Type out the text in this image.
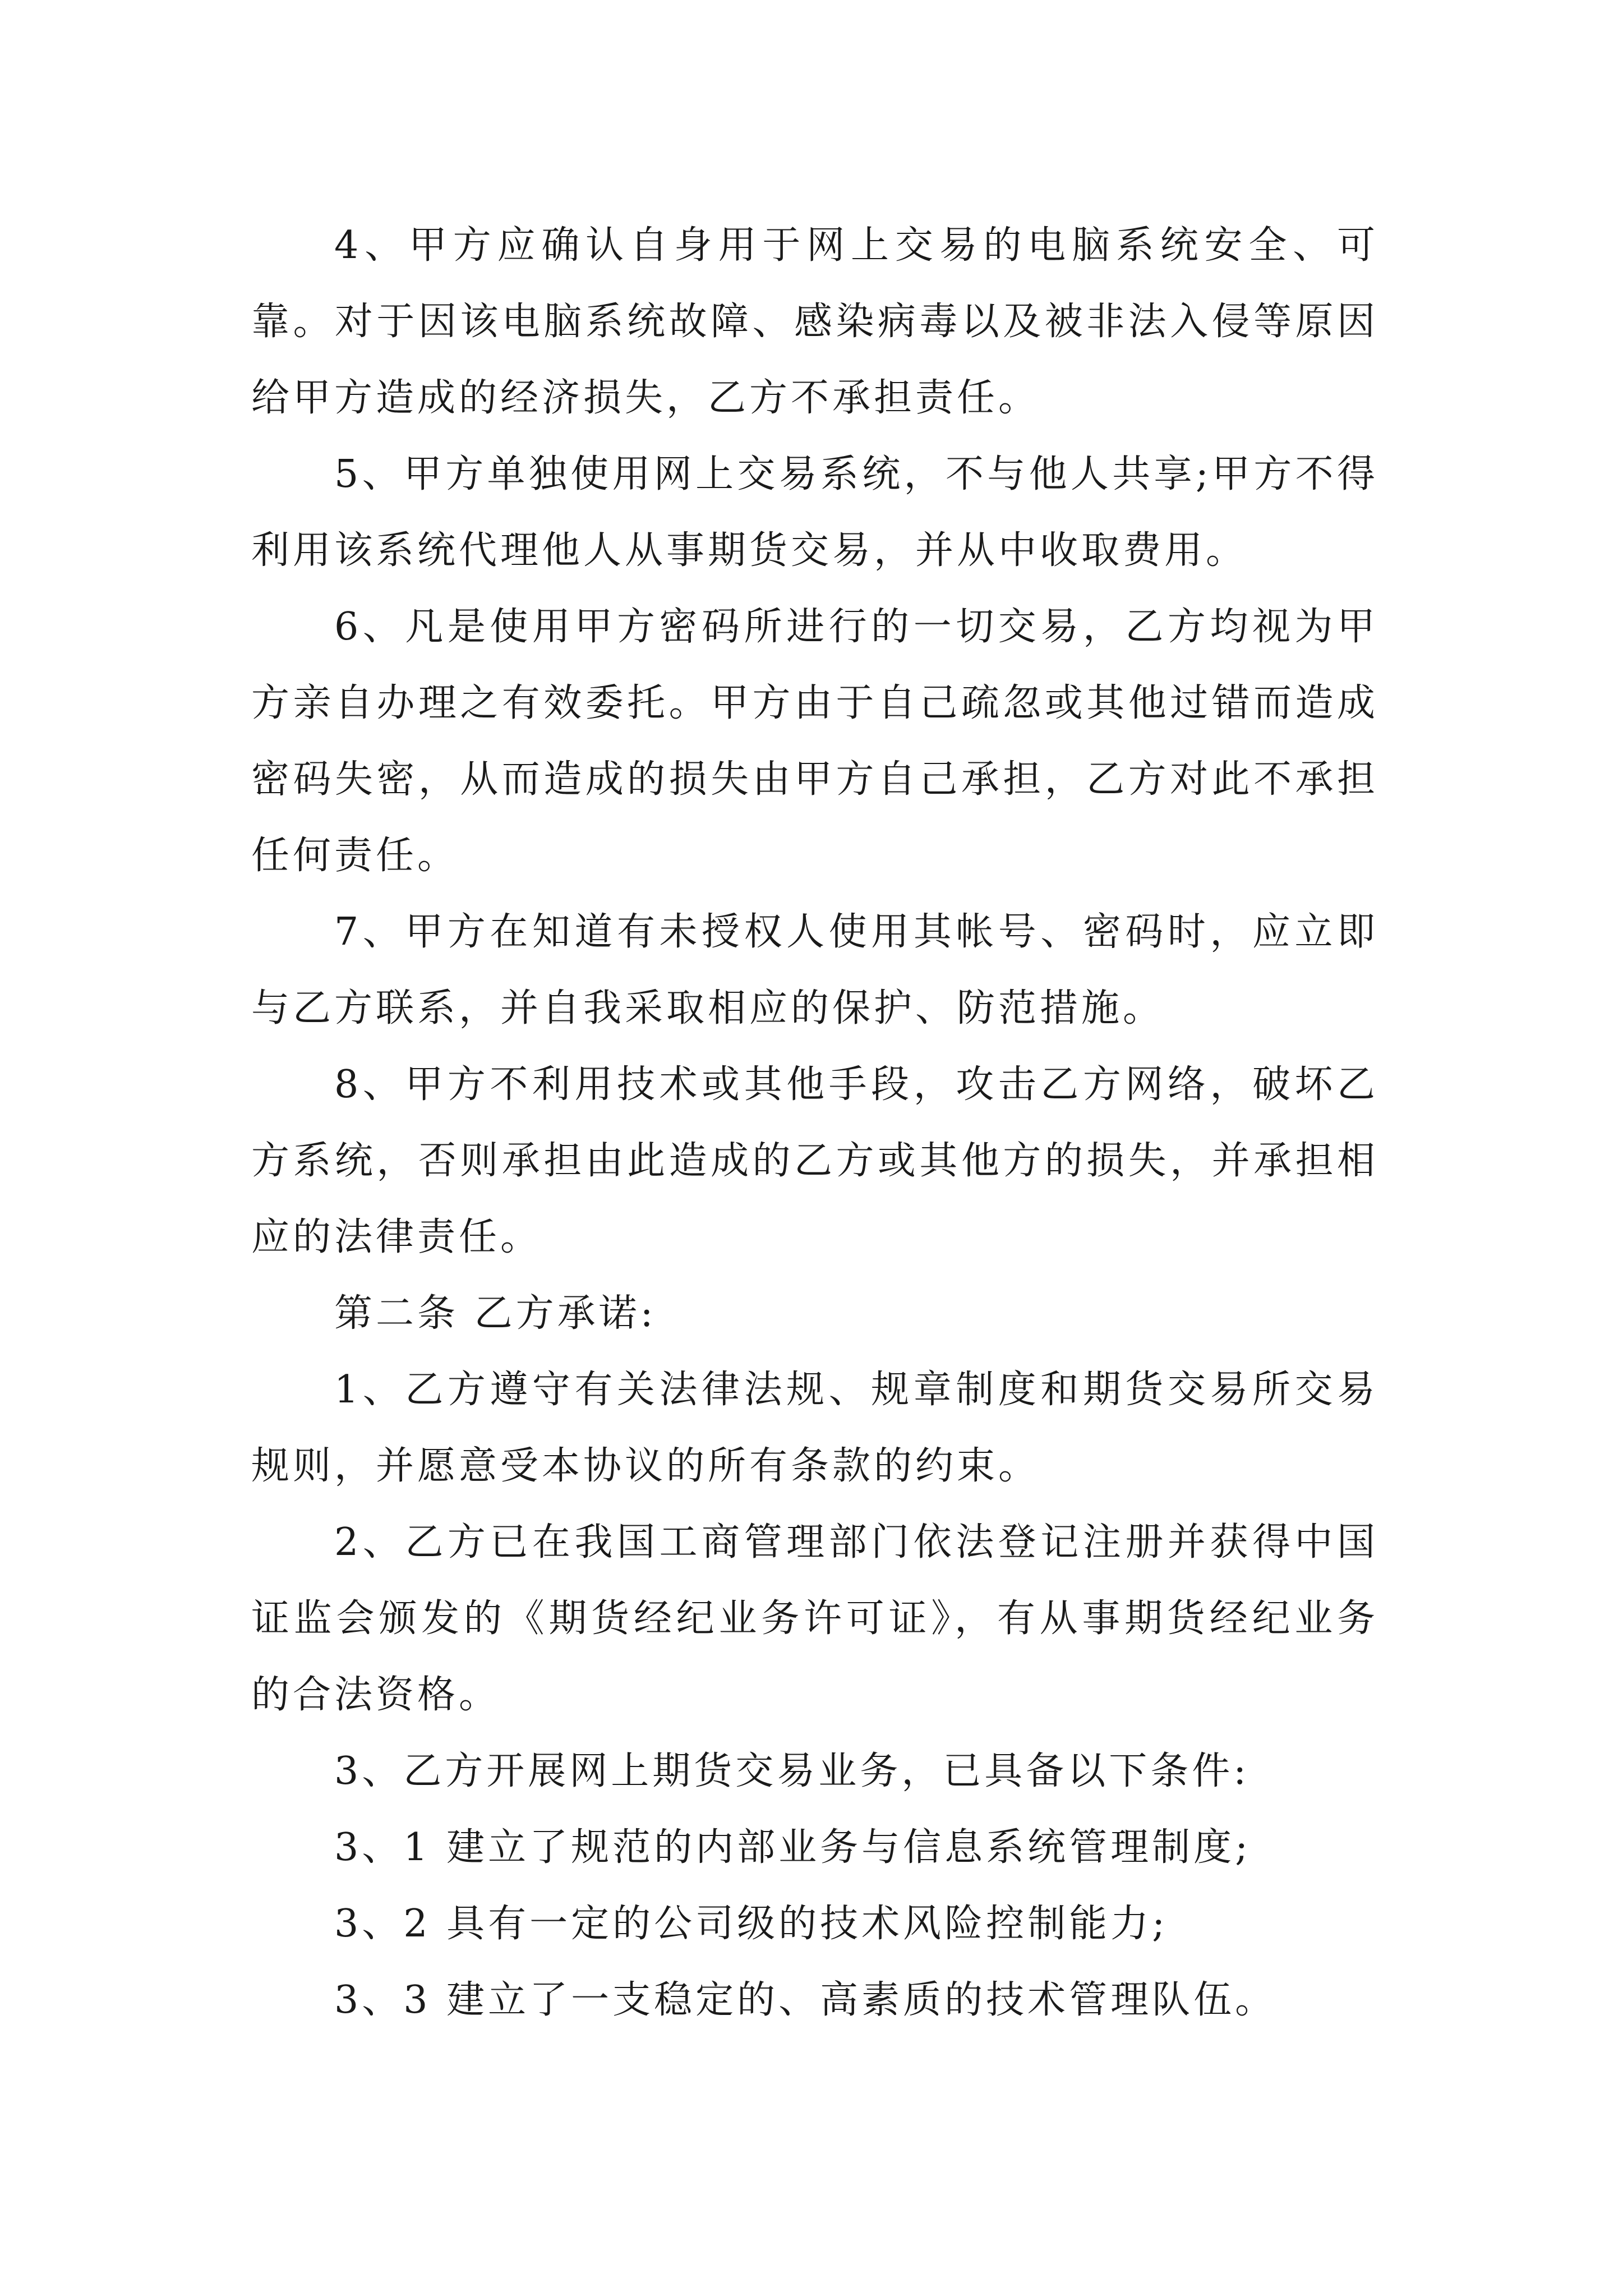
4、甲方应确认自身用于网上交易的电脑系统安全、可靠。对于因该电脑系统故障、感染病毒以及被非法入侵等原因给甲方造成的经济损失，乙方不承担责任。

5、甲方单独使用网上交易系统，不与他人共享;甲方不得利用该系统代理他人从事期货交易，并从中收取费用。

6、凡是使用甲方密码所进行的一切交易，乙方均视为甲方亲自办理之有效委托。甲方由于自己疏忽或其他过错而造成密码失密，从而造成的损失由甲方自己承担，乙方对此不承担任何责任。

7、甲方在知道有未授权人使用其帐号、密码时，应立即与乙方联系，并自我采取相应的保护、防范措施。

8、甲方不利用技术或其他手段，攻击乙方网络，破坏乙方系统，否则承担由此造成的乙方或其他方的损失，并承担相应的法律责任。

第二条 乙方承诺:

1、乙方遵守有关法律法规、规章制度和期货交易所交易规则，并愿意受本协议的所有条款的约束。

2、乙方已在我国工商管理部门依法登记注册并获得中国证监会颁发的《期货经纪业务许可证》，有从事期货经纪业务的合法资格。

3、乙方开展网上期货交易业务，已具备以下条件:

3、1 建立了规范的内部业务与信息系统管理制度;

3、2 具有一定的公司级的技术风险控制能力;

3、3 建立了一支稳定的、高素质的技术管理队伍。
